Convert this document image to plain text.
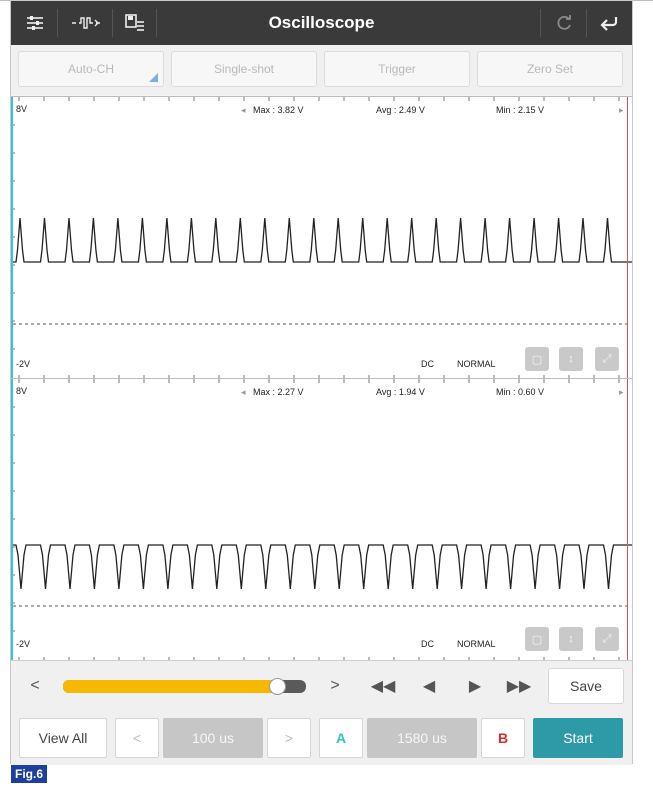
Oscilloscope
Auto-CH	Single-shot	Trigger	Zero Set
8V	◂ Max : 3.82 V	Avg : 2.49 V	Min : 2.15 V	▸
-2V	DC	NORMAL	▢ ↕	⤢
8V	◂ Max : 2.27 V	Avg : 1.94 V	Min : 0.60 V	▸
-2V	DC	NORMAL	▢ ↕	⤢
<	> ◀◀ ◀ ▶ ▶▶	Save
View All	<	100 us	>	A	1580 us	B	Start
Fig.6
